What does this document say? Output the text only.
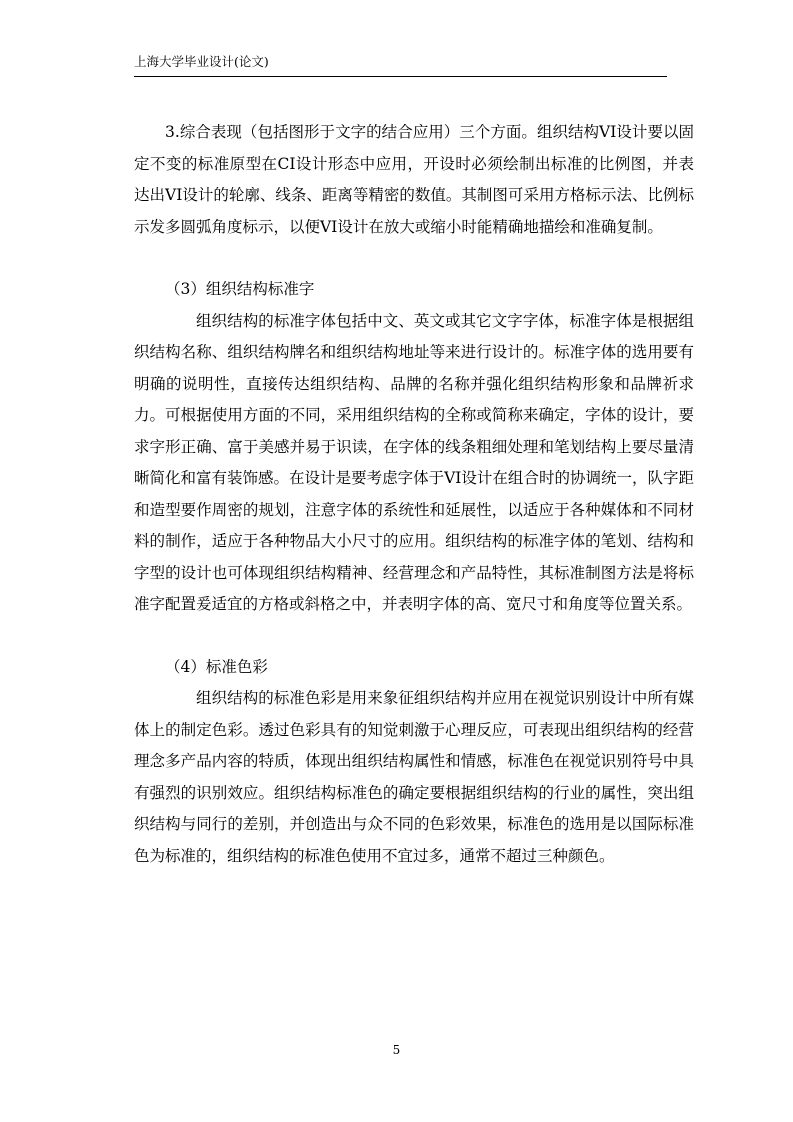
上海大学毕业设计(论文)

3.综合表现（包括图形于文字的结合应用）三个方面。组织结构VI设计要以固定不变的标准原型在CI设计形态中应用，开设时必须绘制出标准的比例图，并表达出VI设计的轮廓、线条、距离等精密的数值。其制图可采用方格标示法、比例标示发多圆弧角度标示，以便VI设计在放大或缩小时能精确地描绘和准确复制。

（3）组织结构标准字

组织结构的标准字体包括中文、英文或其它文字字体，标准字体是根据组织结构名称、组织结构牌名和组织结构地址等来进行设计的。标准字体的选用要有明确的说明性，直接传达组织结构、品牌的名称并强化组织结构形象和品牌祈求力。可根据使用方面的不同，采用组织结构的全称或简称来确定，字体的设计，要求字形正确、富于美感并易于识读，在字体的线条粗细处理和笔划结构上要尽量清晰简化和富有装饰感。在设计是要考虑字体于VI设计在组合时的协调统一，队字距和造型要作周密的规划，注意字体的系统性和延展性，以适应于各种媒体和不同材料的制作，适应于各种物品大小尺寸的应用。组织结构的标准字体的笔划、结构和字型的设计也可体现组织结构精神、经营理念和产品特性，其标准制图方法是将标准字配置爰适宜的方格或斜格之中，并表明字体的高、宽尺寸和角度等位置关系。

（4）标准色彩

组织结构的标准色彩是用来象征组织结构并应用在视觉识别设计中所有媒体上的制定色彩。透过色彩具有的知觉刺激于心理反应，可表现出组织结构的经营理念多产品内容的特质，体现出组织结构属性和情感，标准色在视觉识别符号中具有强烈的识别效应。组织结构标准色的确定要根据组织结构的行业的属性，突出组织结构与同行的差别，并创造出与众不同的色彩效果，标准色的选用是以国际标准色为标准的，组织结构的标准色使用不宜过多，通常不超过三种颜色。

5
